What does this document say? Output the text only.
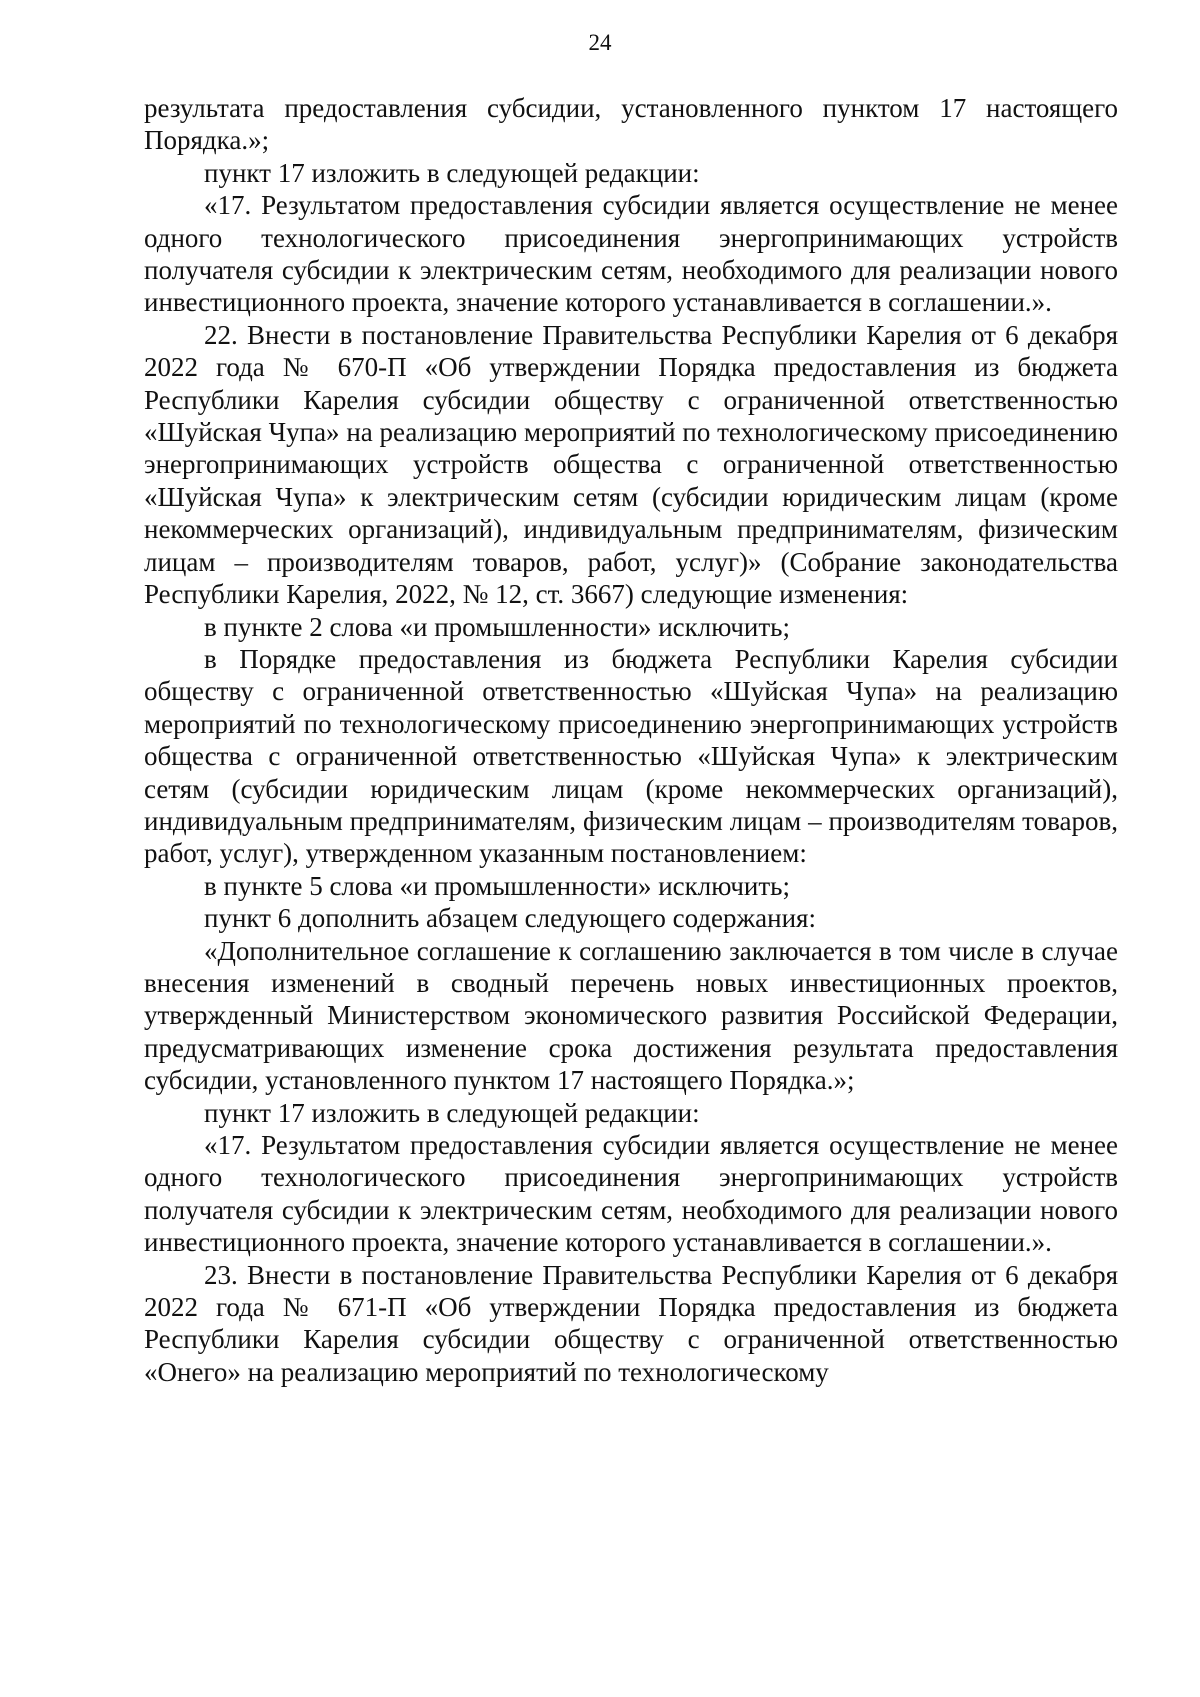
24

результата предоставления субсидии, установленного пунктом 17 настоящего Порядка.»;

пункт 17 изложить в следующей редакции:

«17. Результатом предоставления субсидии является осуществление не менее одного технологического присоединения энергопринимающих устройств получателя субсидии к электрическим сетям, необходимого для реализации нового инвестиционного проекта, значение которого устанавливается в соглашении.».

22. Внести в постановление Правительства Республики Карелия от 6 декабря 2022 года № 670-П «Об утверждении Порядка предоставления из бюджета Республики Карелия субсидии обществу с ограниченной ответственностью «Шуйская Чупа» на реализацию мероприятий по технологическому присоединению энергопринимающих устройств общества с ограниченной ответственностью «Шуйская Чупа» к электрическим сетям (субсидии юридическим лицам (кроме некоммерческих организаций), индивидуальным предпринимателям, физическим лицам – производителям товаров, работ, услуг)» (Собрание законодательства Республики Карелия, 2022, № 12, ст. 3667) следующие изменения:

в пункте 2 слова «и промышленности» исключить;

в Порядке предоставления из бюджета Республики Карелия субсидии обществу с ограниченной ответственностью «Шуйская Чупа» на реализацию мероприятий по технологическому присоединению энергопринимающих устройств общества с ограниченной ответственностью «Шуйская Чупа» к электрическим сетям (субсидии юридическим лицам (кроме некоммерческих организаций), индивидуальным предпринимателям, физическим лицам – производителям товаров, работ, услуг), утвержденном указанным постановлением:

в пункте 5 слова «и промышленности» исключить;

пункт 6 дополнить абзацем следующего содержания:

«Дополнительное соглашение к соглашению заключается в том числе в случае внесения изменений в сводный перечень новых инвестиционных проектов, утвержденный Министерством экономического развития Российской Федерации, предусматривающих изменение срока достижения результата предоставления субсидии, установленного пунктом 17 настоящего Порядка.»;

пункт 17 изложить в следующей редакции:

«17. Результатом предоставления субсидии является осуществление не менее одного технологического присоединения энергопринимающих устройств получателя субсидии к электрическим сетям, необходимого для реализации нового инвестиционного проекта, значение которого устанавливается в соглашении.».

23. Внести в постановление Правительства Республики Карелия от 6 декабря 2022 года № 671-П «Об утверждении Порядка предоставления из бюджета Республики Карелия субсидии обществу с ограниченной ответственностью «Онего» на реализацию мероприятий по технологическому
